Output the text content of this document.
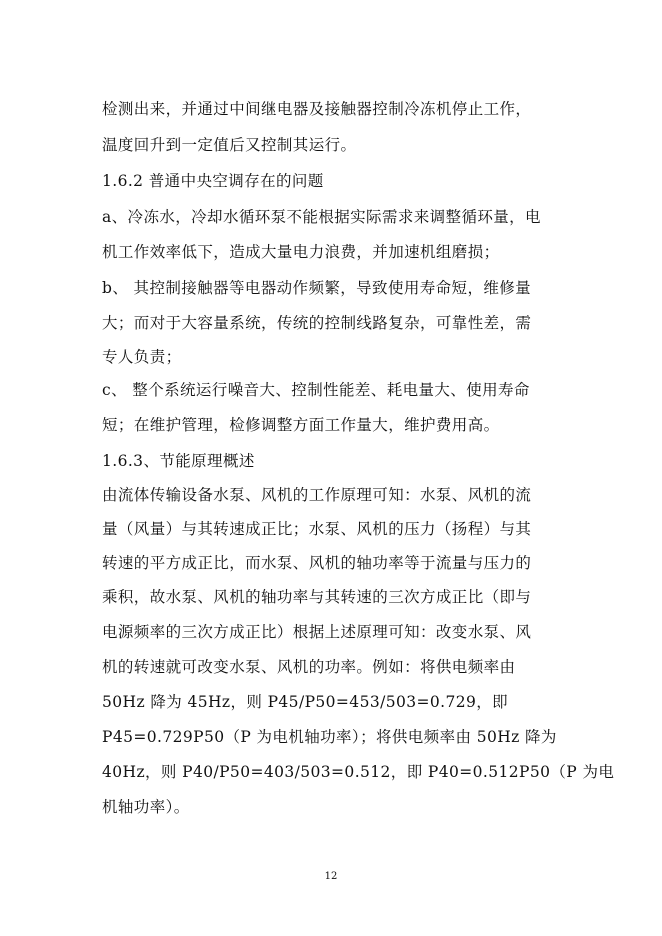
检测出来，并通过中间继电器及接触器控制冷冻机停止工作，
温度回升到一定值后又控制其运行。
1.6.2 普通中央空调存在的问题
a、冷冻水，冷却水循环泵不能根据实际需求来调整循环量，电
机工作效率低下，造成大量电力浪费，并加速机组磨损；
b、 其控制接触器等电器动作频繁，导致使用寿命短，维修量
大；而对于大容量系统，传统的控制线路复杂，可靠性差，需
专人负责；
c、 整个系统运行噪音大、控制性能差、耗电量大、使用寿命
短；在维护管理，检修调整方面工作量大，维护费用高。
1.6.3、节能原理概述
由流体传输设备水泵、风机的工作原理可知：水泵、风机的流
量（风量）与其转速成正比；水泵、风机的压力（扬程）与其
转速的平方成正比，而水泵、风机的轴功率等于流量与压力的
乘积，故水泵、风机的轴功率与其转速的三次方成正比（即与
电源频率的三次方成正比）根据上述原理可知：改变水泵、风
机的转速就可改变水泵、风机的功率。例如：将供电频率由
50Hz 降为 45Hz，则 P45/P50=453/503=0.729，即
P45=0.729P50（P 为电机轴功率）；将供电频率由 50Hz 降为
40Hz，则 P40/P50=403/503=0.512，即 P40=0.512P50（P 为电
机轴功率）。
12
